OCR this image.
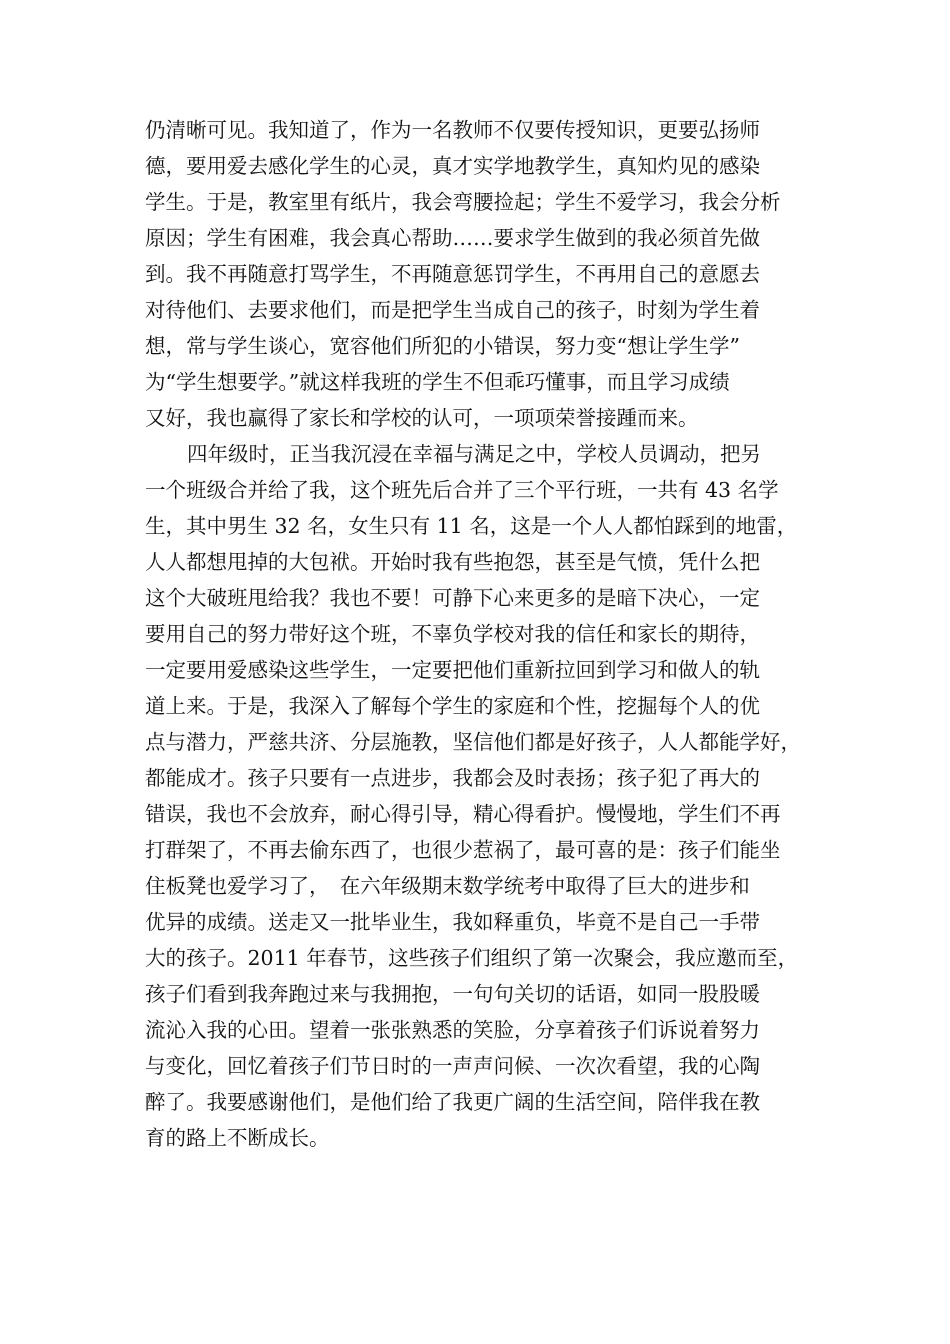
仍清晰可见。我知道了，作为一名教师不仅要传授知识，更要弘扬师
德，要用爱去感化学生的心灵，真才实学地教学生，真知灼见的感染
学生。于是，教室里有纸片，我会弯腰捡起；学生不爱学习，我会分析
原因；学生有困难，我会真心帮助……要求学生做到的我必须首先做
到。我不再随意打骂学生，不再随意惩罚学生，不再用自己的意愿去
对待他们、去要求他们，而是把学生当成自己的孩子，时刻为学生着
想，常与学生谈心，宽容他们所犯的小错误，努力变“想让学生学”
为“学生想要学。”就这样我班的学生不但乖巧懂事，而且学习成绩
又好，我也赢得了家长和学校的认可，一项项荣誉接踵而来。
四年级时，正当我沉浸在幸福与满足之中，学校人员调动，把另
一个班级合并给了我，这个班先后合并了三个平行班，一共有 43 名学
生，其中男生 32 名，女生只有 11 名，这是一个人人都怕踩到的地雷，
人人都想甩掉的大包袱。开始时我有些抱怨，甚至是气愤，凭什么把
这个大破班甩给我？我也不要！可静下心来更多的是暗下决心，一定
要用自己的努力带好这个班，不辜负学校对我的信任和家长的期待，
一定要用爱感染这些学生，一定要把他们重新拉回到学习和做人的轨
道上来。于是，我深入了解每个学生的家庭和个性，挖掘每个人的优
点与潜力，严慈共济、分层施教，坚信他们都是好孩子，人人都能学好，
都能成才。孩子只要有一点进步，我都会及时表扬；孩子犯了再大的
错误，我也不会放弃，耐心得引导，精心得看护。慢慢地，学生们不再
打群架了，不再去偷东西了，也很少惹祸了，最可喜的是：孩子们能坐
住板凳也爱学习了，　在六年级期末数学统考中取得了巨大的进步和
优异的成绩。送走又一批毕业生，我如释重负，毕竟不是自己一手带
大的孩子。2011 年春节，这些孩子们组织了第一次聚会，我应邀而至，
孩子们看到我奔跑过来与我拥抱，一句句关切的话语，如同一股股暖
流沁入我的心田。望着一张张熟悉的笑脸，分享着孩子们诉说着努力
与变化，回忆着孩子们节日时的一声声问候、一次次看望，我的心陶
醉了。我要感谢他们，是他们给了我更广阔的生活空间，陪伴我在教
育的路上不断成长。
